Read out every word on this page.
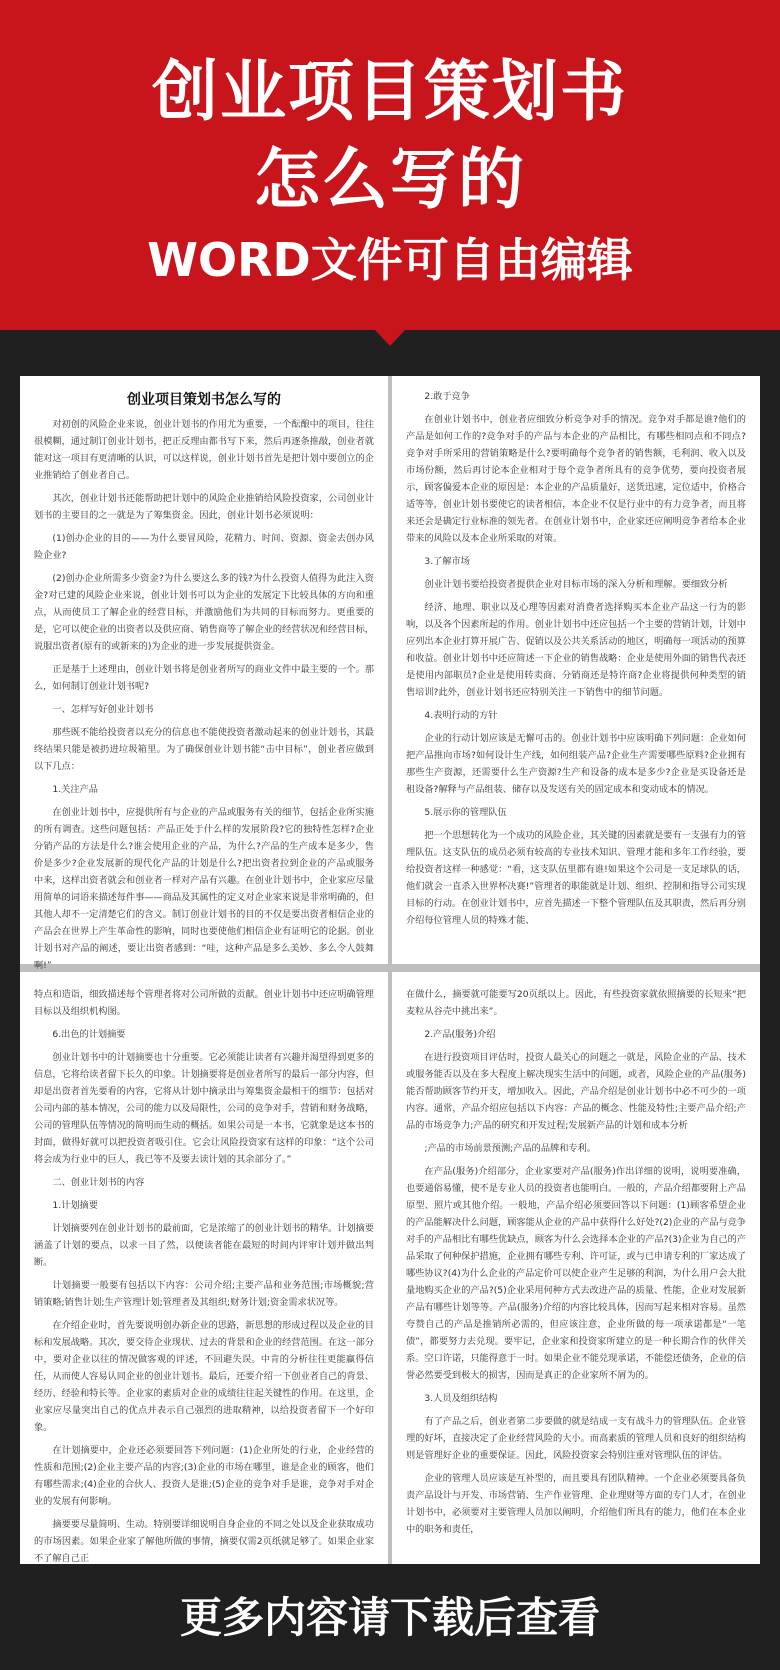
创业项目策划书
怎么写的
WORD文件可自由编辑
创业项目策划书怎么写的

对初创的风险企业来说，创业计划书的作用尤为重要，一个酝酿中的项目，往往很模糊，通过制订创业计划书，把正反理由都书写下来，然后再逐条推敲，创业者就能对这一项目有更清晰的认识，可以这样说，创业计划书首先是把计划中要创立的企业推销给了创业者自己。

其次，创业计划书还能帮助把计划中的风险企业推销给风险投资家，公司创业计划书的主要目的之一就是为了筹集资金。因此，创业计划书必须说明：

(1)创办企业的目的——为什么要冒风险，花精力、时间、资源、资金去创办风险企业?

(2)创办企业所需多少资金?为什么要这么多的钱?为什么投资人值得为此注入资金?对已建的风险企业来说，创业计划书可以为企业的发展定下比较具体的方向和重点，从而使员工了解企业的经营目标，并激励他们为共同的目标而努力。更重要的是，它可以使企业的出资者以及供应商、销售商等了解企业的经营状况和经营目标，说服出资者(原有的或新来的)为企业的进一步发展提供资金。

正是基于上述理由，创业计划书将是创业者所写的商业文件中最主要的一个。那么，如何制订创业计划书呢?

一、怎样写好创业计划书

那些既不能给投资者以充分的信息也不能使投资者激动起来的创业计划书，其最终结果只能是被扔进垃圾箱里。为了确保创业计划书能“击中目标”，创业者应做到以下几点：

1.关注产品

在创业计划书中，应提供所有与企业的产品或服务有关的细节，包括企业所实施的所有调查。这些问题包括：产品正处于什么样的发展阶段?它的独特性怎样?企业分销产品的方法是什么?谁会使用企业的产品，为什么?产品的生产成本是多少，售价是多少?企业发展新的现代化产品的计划是什么?把出资者拉到企业的产品或服务中来，这样出资者就会和创业者一样对产品有兴趣。在创业计划书中，企业家应尽量用简单的词语来描述每件事——商品及其属性的定义对企业家来说是非常明确的，但其他人却不一定清楚它们的含义。制订创业计划书的目的不仅是要出资者相信企业的产品会在世界上产生革命性的影响，同时也要使他们相信企业有证明它的论据。创业计划书对产品的阐述，要让出资者感到：“哇，这种产品是多么美妙、多么令人鼓舞啊!”

2.敢于竞争

在创业计划书中，创业者应细致分析竞争对手的情况。竞争对手都是谁?他们的产品是如何工作的?竞争对手的产品与本企业的产品相比，有哪些相同点和不同点?竞争对手所采用的营销策略是什么?要明确每个竞争者的销售额，毛利润、收入以及市场份额，然后再讨论本企业相对于每个竞争者所具有的竞争优势，要向投资者展示，顾客偏爱本企业的原因是：本企业的产品质量好，送货迅速，定位适中，价格合适等等，创业计划书要使它的读者相信，本企业不仅是行业中的有力竞争者，而且将来还会是确定行业标准的领先者。在创业计划书中，企业家还应阐明竞争者给本企业带来的风险以及本企业所采取的对策。

3.了解市场

创业计划书要给投资者提供企业对目标市场的深入分析和理解。要细致分析

经济、地理、职业以及心理等因素对消费者选择购买本企业产品这一行为的影响，以及各个因素所起的作用。创业计划书中还应包括一个主要的营销计划，计划中应列出本企业打算开展广告、促销以及公共关系活动的地区，明确每一项活动的预算和收益。创业计划书中还应简述一下企业的销售战略：企业是使用外面的销售代表还是使用内部职员?企业是使用转卖商、分销商还是特许商?企业将提供何种类型的销售培训?此外，创业计划书还应特别关注一下销售中的细节问题。

4.表明行动的方针

企业的行动计划应该是无懈可击的。创业计划书中应该明确下列问题：企业如何把产品推向市场?如何设计生产线，如何组装产品?企业生产需要哪些原料?企业拥有那些生产资源，还需要什么生产资源?生产和设备的成本是多少?企业是买设备还是租设备?解释与产品组装、储存以及发送有关的固定成本和变动成本的情况。

5.展示你的管理队伍

把一个思想转化为一个成功的风险企业，其关键的因素就是要有一支强有力的管理队伍。这支队伍的成员必须有较高的专业技术知识、管理才能和多年工作经验，要给投资者这样一种感觉：“看，这支队伍里都有谁!如果这个公司是一支足球队的话，他们就会一直杀入世界杯决赛!”管理者的职能就是计划、组织、控制和指导公司实现目标的行动。在创业计划书中，应首先描述一下整个管理队伍及其职责，然后再分别介绍每位管理人员的特殊才能、

特点和造诣，细致描述每个管理者将对公司所做的贡献。创业计划书中还应明确管理目标以及组织机构图。

6.出色的计划摘要

创业计划书中的计划摘要也十分重要。它必须能让读者有兴趣并渴望得到更多的信息，它将给读者留下长久的印象。计划摘要将是创业者所写的最后一部分内容，但却是出资者首先要看的内容，它将从计划中摘录出与筹集资金最相干的细节：包括对公司内部的基本情况，公司的能力以及局限性，公司的竞争对手，营销和财务战略，公司的管理队伍等情况的简明而生动的概括。如果公司是一本书，它就象是这本书的封面，做得好就可以把投资者吸引住。它会让风险投资家有这样的印象：“这个公司将会成为行业中的巨人，我已等不及要去读计划的其余部分了。”

二、创业计划书的内容

1.计划摘要

计划摘要列在创业计划书的最前面，它是浓缩了的创业计划书的精华。计划摘要涵盖了计划的要点，以求一目了然，以便读者能在最短的时间内评审计划并做出判断。

计划摘要一般要有包括以下内容：公司介绍;主要产品和业务范围;市场概貌;营销策略;销售计划;生产管理计划;管理者及其组织;财务计划;资金需求状况等。

在介绍企业时，首先要说明创办新企业的思路，新思想的形成过程以及企业的目标和发展战略。其次，要交待企业现状、过去的背景和企业的经营范围。在这一部分中，要对企业以往的情况做客观的评述，不回避失误。中肯的分析往往更能赢得信任，从而使人容易认同企业的创业计划书。最后，还要介绍一下创业者自己的背景、经历、经验和特长等。企业家的素质对企业的成绩往往起关键性的作用。在这里，企业家应尽量突出自己的优点并表示自己强烈的进取精神，以给投资者留下一个好印象。

在计划摘要中，企业还必须要回答下列问题：(1)企业所处的行业，企业经营的性质和范围;(2)企业主要产品的内容;(3)企业的市场在哪里，谁是企业的顾客，他们有哪些需求;(4)企业的合伙人、投资人是谁;(5)企业的竞争对手是谁，竞争对手对企业的发展有何影响。

摘要要尽量简明、生动。特别要详细说明自身企业的不同之处以及企业获取成功的市场因素。如果企业家了解他所做的事情，摘要仅需2页纸就足够了。如果企业家不了解自己正

在做什么，摘要就可能要写20页纸以上。因此，有些投资家就依照摘要的长短来“把麦粒从谷壳中挑出来”。

2.产品(服务)介绍

在进行投资项目评估时，投资人最关心的问题之一就是，风险企业的产品、技术或服务能否以及在多大程度上解决现实生活中的问题，或者，风险企业的产品(服务)能否帮助顾客节约开支，增加收入。因此，产品介绍是创业计划书中必不可少的一项内容。通常，产品介绍应包括以下内容：产品的概念、性能及特性;主要产品介绍;产品的市场竞争力;产品的研究和开发过程;发展新产品的计划和成本分析

;产品的市场前景预测;产品的品牌和专利。

在产品(服务)介绍部分，企业家要对产品(服务)作出详细的说明，说明要准确，也要通俗易懂，使不是专业人员的投资者也能明白。一般的，产品介绍都要附上产品原型、照片或其他介绍。一般地，产品介绍必须要回答以下问题：(1)顾客希望企业的产品能解决什么问题，顾客能从企业的产品中获得什么好处?(2)企业的产品与竞争对手的产品相比有哪些优缺点，顾客为什么会选择本企业的产品?(3)企业为自己的产品采取了何种保护措施，企业拥有哪些专利、许可证，或与已申请专利的厂家达成了哪些协议?(4)为什么企业的产品定价可以使企业产生足够的利润，为什么用户会大批量地购买企业的产品?(5)企业采用何种方式去改进产品的质量、性能，企业对发展新产品有哪些计划等等。产品(服务)介绍的内容比较具体，因而写起来相对容易。虽然夸赞自己的产品是推销所必需的，但应该注意，企业所做的每一项承诺都是“一笔债”，都要努力去兑现。要牢记，企业家和投资家所建立的是一种长期合作的伙伴关系。空口许诺，只能得意于一时。如果企业不能兑现承诺，不能偿还债务，企业的信誉必然要受到极大的损害，因而是真正的企业家所不屑为的。

3.人员及组织结构

有了产品之后，创业者第二步要做的就是结成一支有战斗力的管理队伍。企业管理的好坏，直接决定了企业经营风险的大小。而高素质的管理人员和良好的组织结构则是管理好企业的重要保证。因此，风险投资家会特别注重对管理队伍的评估。

企业的管理人员应该是互补型的，而且要具有团队精神。一个企业必须要具备负责产品设计与开发、市场营销、生产作业管理、企业理财等方面的专门人才，在创业计划书中，必须要对主要管理人员加以阐明，介绍他们所具有的能力，他们在本企业中的职务和责任，

更多内容请下载后查看
